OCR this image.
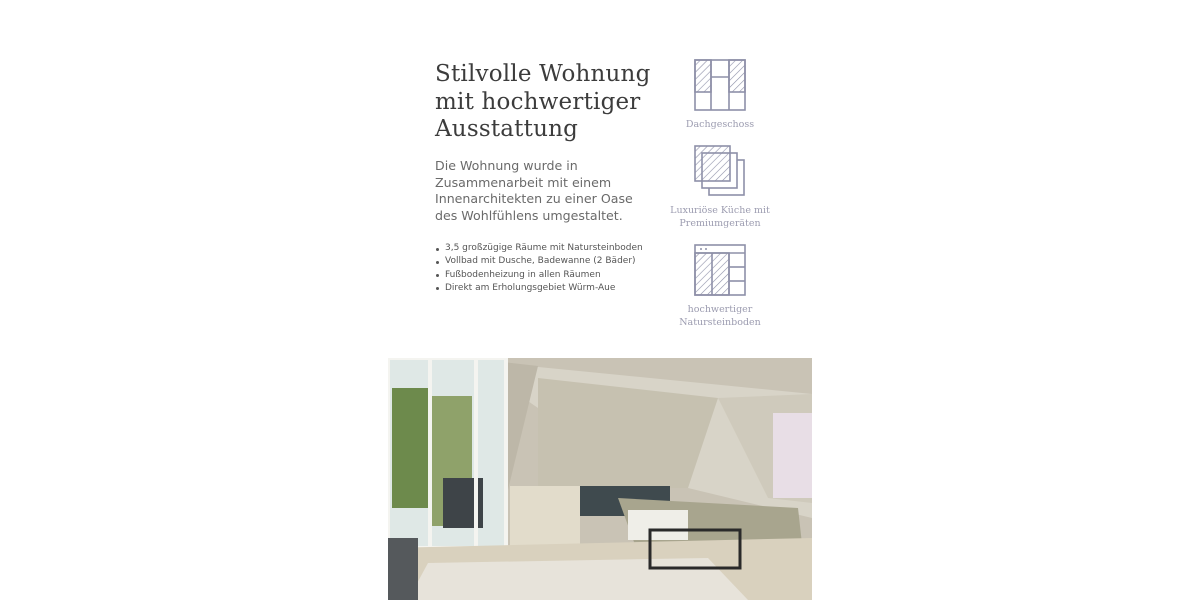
Stilvolle Wohnung
mit hochwertiger
Ausstattung

Die Wohnung wurde in Zusammenarbeit mit einem Innenarchitekten zu einer Oase des Wohlfühlens umgestaltet.

3,5 großzügige Räume mit Natursteinboden
Vollbad mit Dusche, Badewanne (2 Bäder)
Fußbodenheizung in allen Räumen
Direkt am Erholungsgebiet Würm-Aue
Dachgeschoss
Luxuriöse Küche mit
Premiumgeräten
hochwertiger
Natursteinboden
